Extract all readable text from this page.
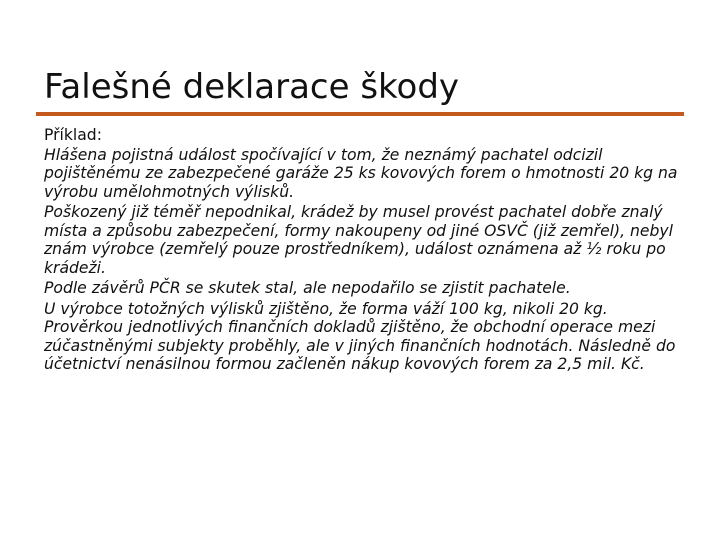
Falešné deklarace škody

Příklad:

Hlášena pojistná událost spočívající v tom, že neznámý pachatel odcizil pojištěnému ze zabezpečené garáže 25 ks kovových forem o hmotnosti 20 kg na výrobu umělohmotných výlisků.

Poškozený již téměř nepodnikal, krádež by musel provést pachatel dobře znalý místa a způsobu zabezpečení, formy nakoupeny od jiné OSVČ (již zemřel), nebyl znám výrobce (zemřelý pouze prostředníkem), událost oznámena až ½ roku po krádeži.

Podle závěrů PČR se skutek stal, ale nepodařilo se zjistit pachatele.

U výrobce totožných výlisků zjištěno, že forma váží 100 kg, nikoli 20 kg. Prověrkou jednotlivých finančních dokladů zjištěno, že obchodní operace mezi zúčastněnými subjekty proběhly, ale v jiných finančních hodnotách. Následně do účetnictví nenásilnou formou začleněn nákup kovových forem za 2,5 mil. Kč.
